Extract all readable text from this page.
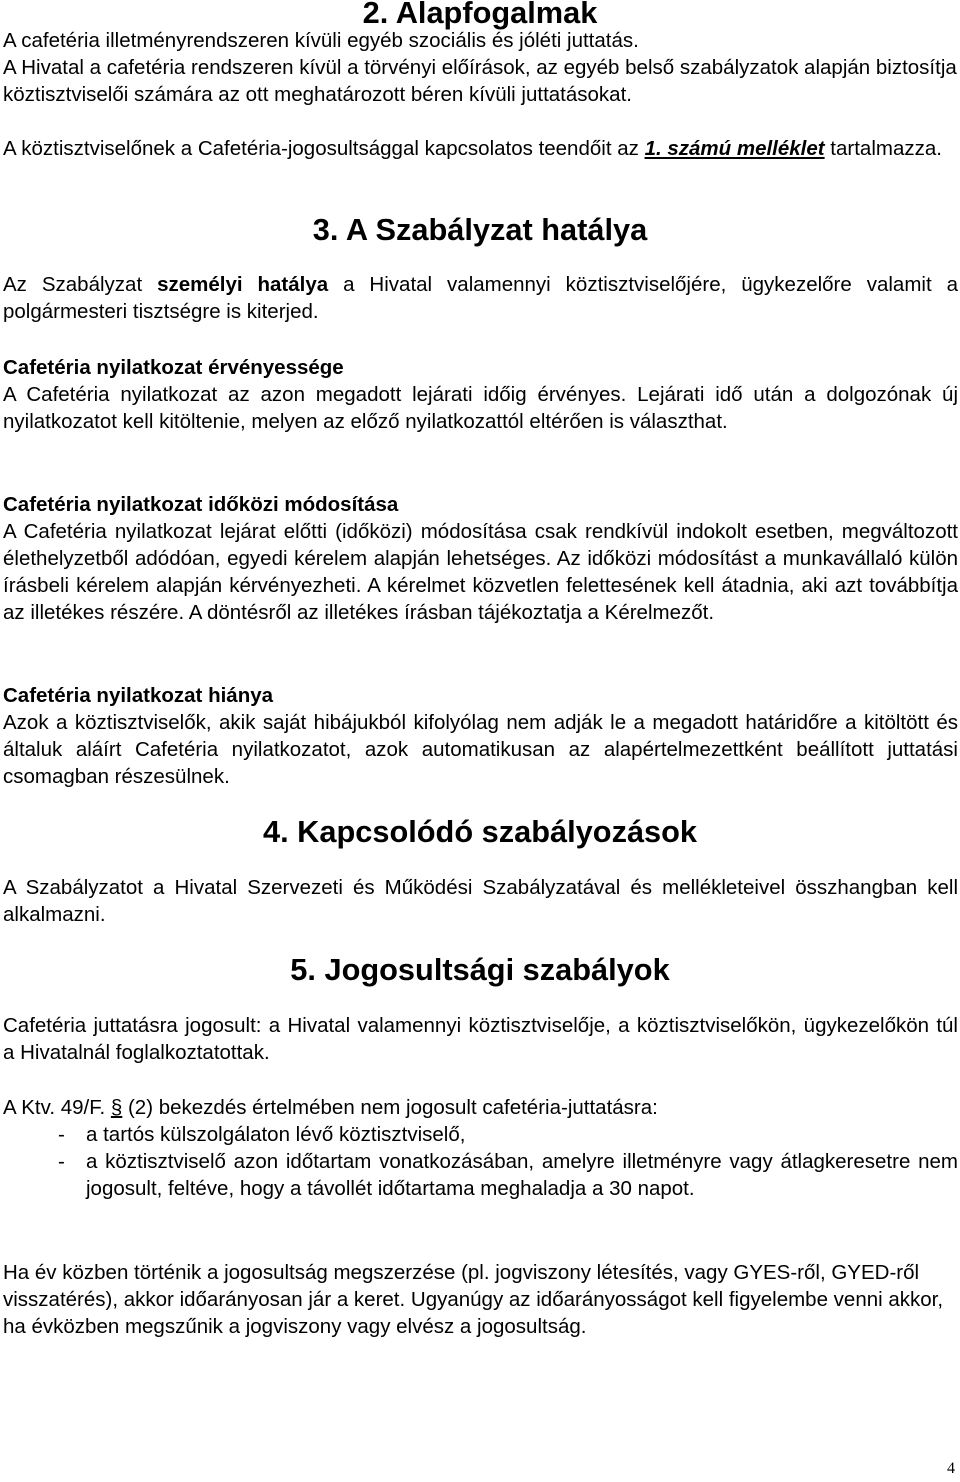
2. Alapfogalmak

A cafetéria illetményrendszeren kívüli egyéb szociális és jóléti juttatás.

A Hivatal a cafetéria rendszeren kívül a törvényi előírások, az egyéb belső szabályzatok alapján biztosítja köztisztviselői számára az ott meghatározott béren kívüli juttatásokat.

A köztisztviselőnek a Cafetéria-jogosultsággal kapcsolatos teendőit az 1. számú melléklet tartalmazza.

3. A Szabályzat hatálya

Az Szabályzat személyi hatálya a Hivatal valamennyi köztisztviselőjére, ügykezelőre valamit a polgármesteri tisztségre is kiterjed.

Cafetéria nyilatkozat érvényessége
A Cafetéria nyilatkozat az azon megadott lejárati időig érvényes. Lejárati idő után a dolgozónak új nyilatkozatot kell kitöltenie, melyen az előző nyilatkozattól eltérően is választhat.
Cafetéria nyilatkozat időközi módosítása
A Cafetéria nyilatkozat lejárat előtti (időközi) módosítása csak rendkívül indokolt esetben, megváltozott élethelyzetből adódóan, egyedi kérelem alapján lehetséges. Az időközi módosítást a munkavállaló külön írásbeli kérelem alapján kérvényezheti. A kérelmet közvetlen felettesének kell átadnia, aki azt továbbítja az illetékes részére. A döntésről az illetékes írásban tájékoztatja a Kérelmezőt.
Cafetéria nyilatkozat hiánya
Azok a köztisztviselők, akik saját hibájukból kifolyólag nem adják le a megadott határidőre a kitöltött és általuk aláírt Cafetéria nyilatkozatot, azok automatikusan az alapértelmezettként beállított juttatási csomagban részesülnek.
4. Kapcsolódó szabályozások

A Szabályzatot a Hivatal Szervezeti és Működési Szabályzatával és mellékleteivel összhangban kell alkalmazni.

5. Jogosultsági szabályok

Cafetéria juttatásra jogosult: a Hivatal valamennyi köztisztviselője, a köztisztviselőkön, ügykezelőkön túl a Hivatalnál foglalkoztatottak.

A Ktv. 49/F. § (2) bekezdés értelmében nem jogosult cafetéria-juttatásra:

- a tartós külszolgálaton lévő köztisztviselő,
- a köztisztviselő azon időtartam vonatkozásában, amelyre illetményre vagy átlagkeresetre nem jogosult, feltéve, hogy a távollét időtartama meghaladja a 30 napot.

Ha év közben történik a jogosultság megszerzése (pl. jogviszony létesítés, vagy GYES-ről, GYED-ről visszatérés), akkor időarányosan jár a keret. Ugyanúgy az időarányosságot kell figyelembe venni akkor, ha évközben megszűnik a jogviszony vagy elvész a jogosultság.

4
